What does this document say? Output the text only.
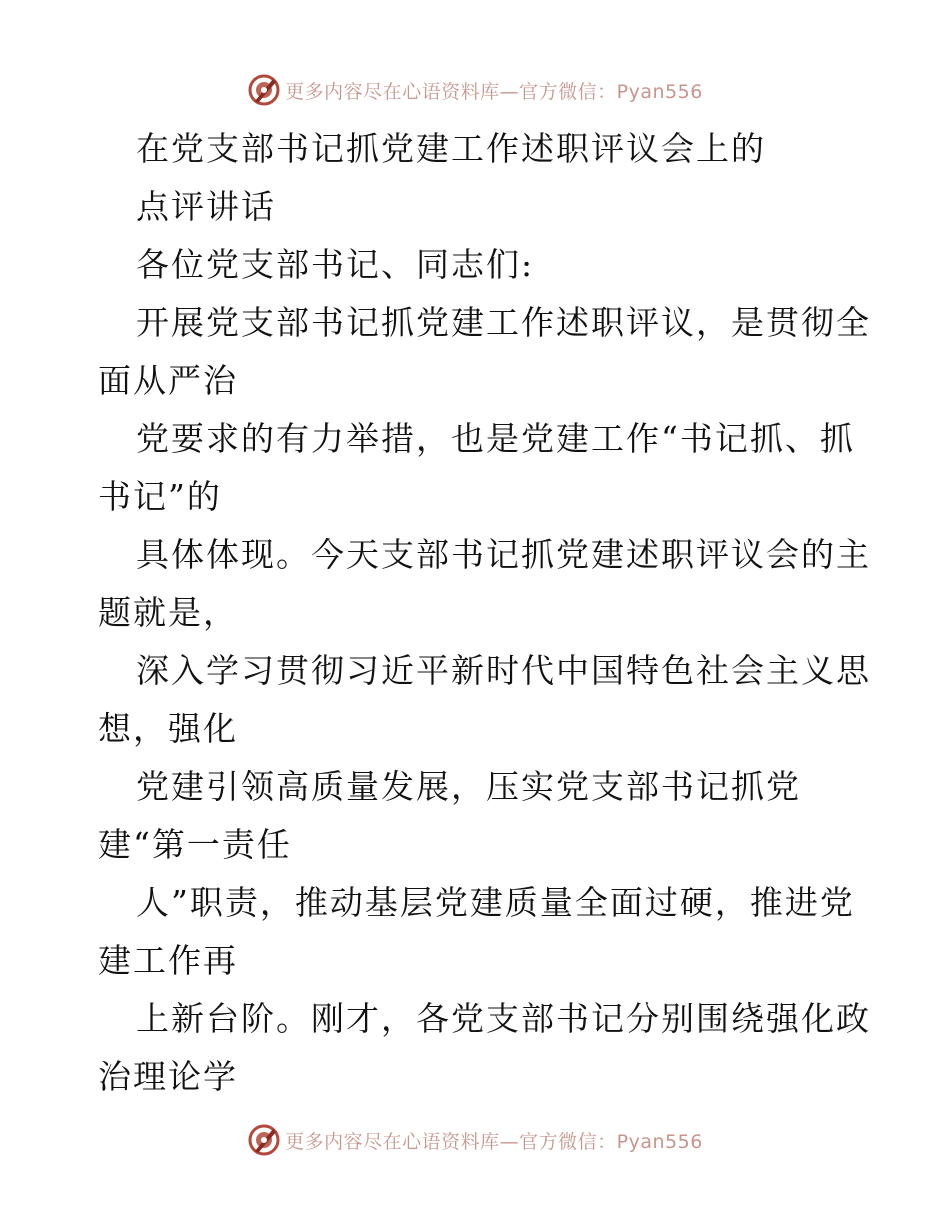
更多内容尽在心语资料库—官方微信：Pyan556
在党支部书记抓党建工作述职评议会上的
点评讲话
各位党支部书记、同志们:
开展党支部书记抓党建工作述职评议，是贯彻全
面从严治
党要求的有力举措，也是党建工作“书记抓、抓
书记”的
具体体现。今天支部书记抓党建述职评议会的主
题就是，
深入学习贯彻习近平新时代中国特色社会主义思
想，强化
党建引领高质量发展，压实党支部书记抓党
建“第一责任
人”职责，推动基层党建质量全面过硬，推进党
建工作再
上新台阶。刚才，各党支部书记分别围绕强化政
治理论学
更多内容尽在心语资料库—官方微信：Pyan556
